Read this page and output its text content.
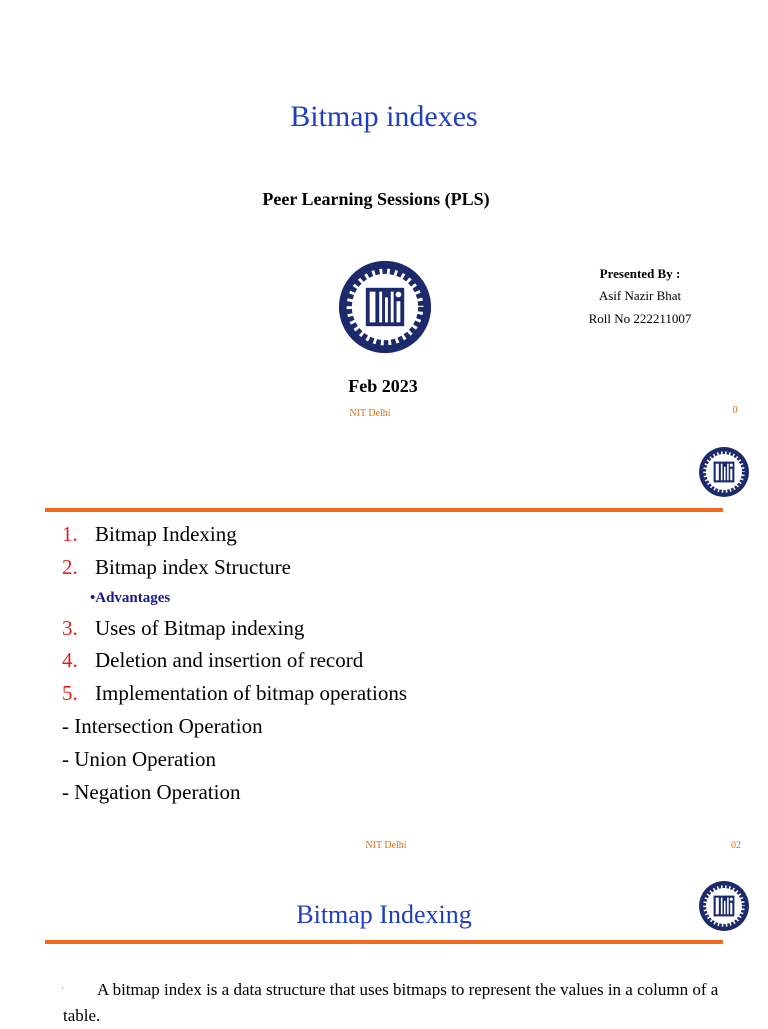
Bitmap indexes
Peer Learning Sessions (PLS)
Presented By :
Asif Nazir Bhat
Roll No 222211007
Feb 2023
NIT Delhi	0
1. Bitmap Indexing
2. Bitmap index Structure
•Advantages
3. Uses of Bitmap indexing
4. Deletion and insertion of record
5. Implementation of bitmap operations
- Intersection Operation
- Union Operation
- Negation Operation
NIT Delhi	02
Bitmap Indexing
'	A bitmap index is a data structure that uses bitmaps to represent the values in a column of a table.
